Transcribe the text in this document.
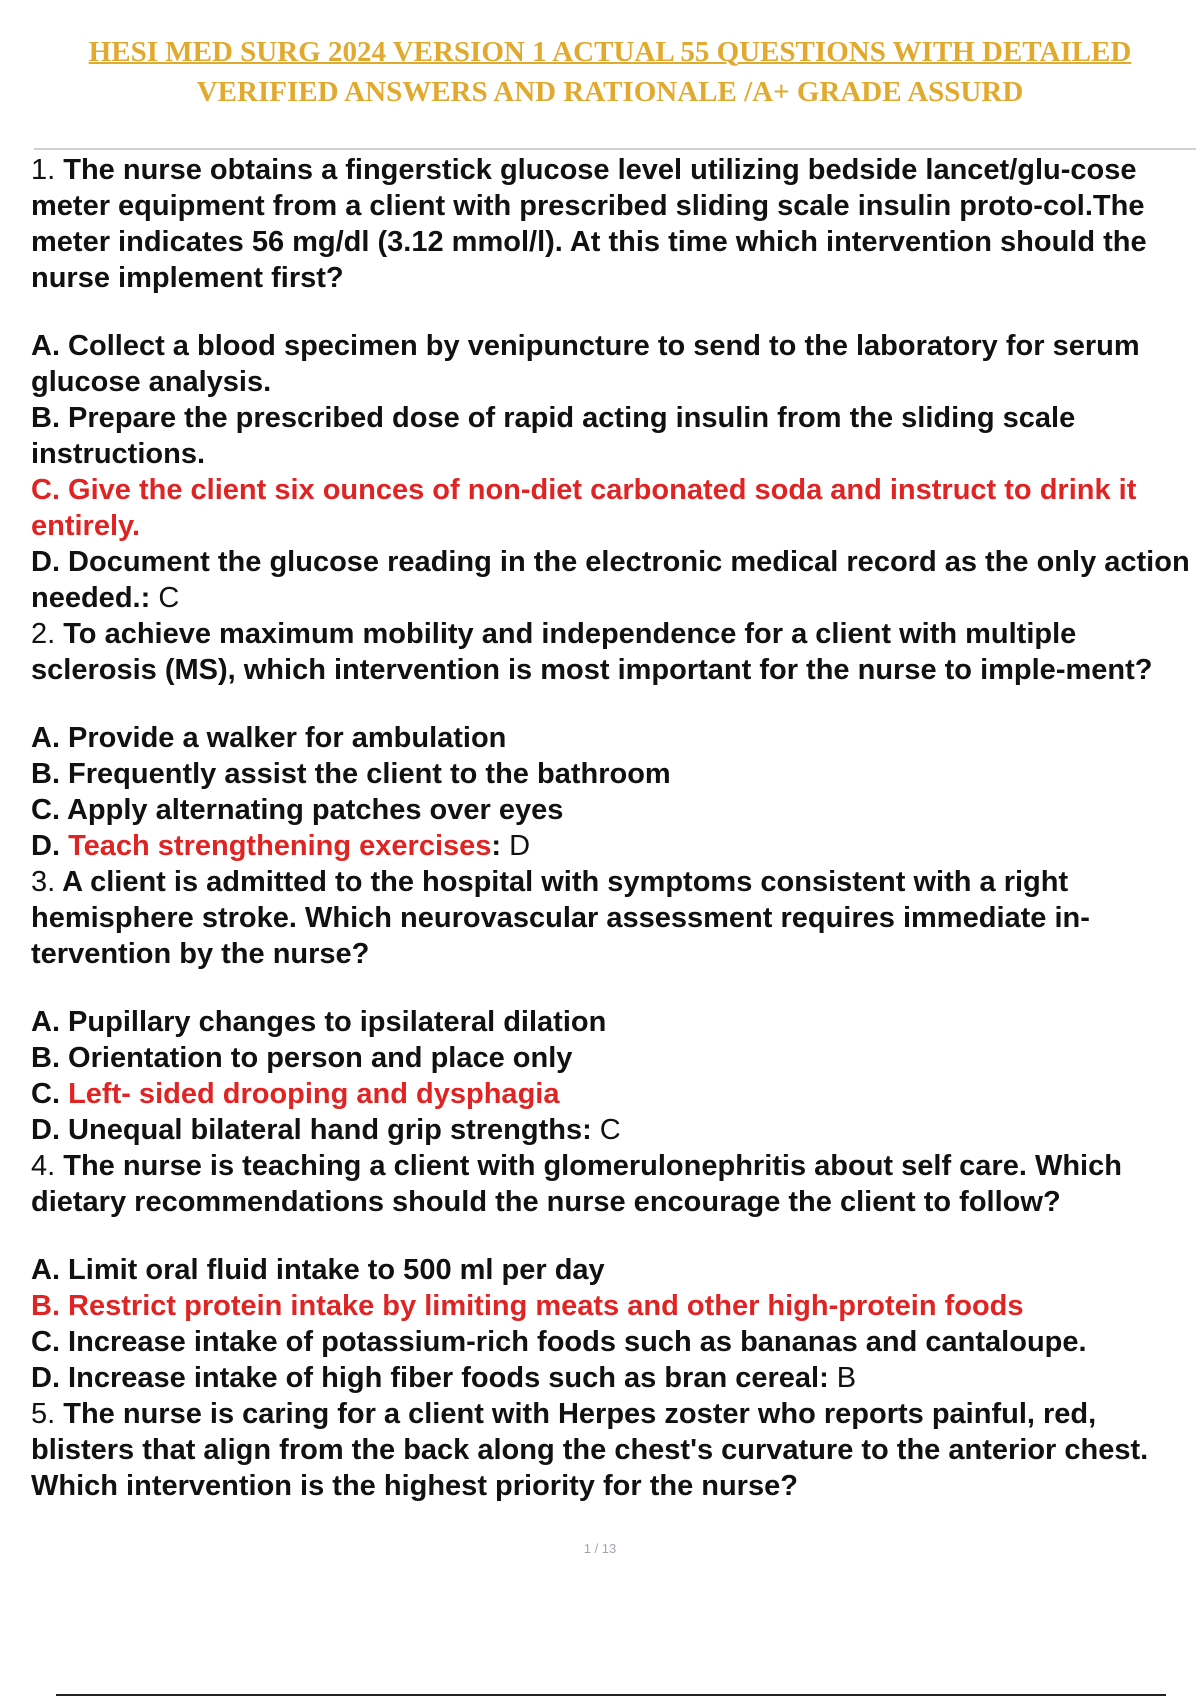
HESI MED SURG 2024 VERSION 1 ACTUAL 55 QUESTIONS WITH DETAILED
VERIFIED ANSWERS AND RATIONALE /A+ GRADE ASSURD

1. The nurse obtains a fingerstick glucose level utilizing bedside lancet/glu-cose meter equipment from a client with prescribed sliding scale insulin proto-col.The meter indicates 56 mg/dl (3.12 mmol/l). At this time which intervention should the nurse implement first?

A. Collect a blood specimen by venipuncture to send to the laboratory for serum glucose analysis.

B. Prepare the prescribed dose of rapid acting insulin from the sliding scale instructions.

C. Give the client six ounces of non-diet carbonated soda and instruct to drink it entirely.

D. Document the glucose reading in the electronic medical record as the only action needed.: C

2. To achieve maximum mobility and independence for a client with multiple sclerosis (MS), which intervention is most important for the nurse to imple-ment?

A. Provide a walker for ambulation

B. Frequently assist the client to the bathroom

C. Apply alternating patches over eyes

D. Teach strengthening exercises: D

3. A client is admitted to the hospital with symptoms consistent with a right hemisphere stroke. Which neurovascular assessment requires immediate in-tervention by the nurse?

A. Pupillary changes to ipsilateral dilation

B. Orientation to person and place only

C. Left- sided drooping and dysphagia

D. Unequal bilateral hand grip strengths: C

4. The nurse is teaching a client with glomerulonephritis about self care. Which dietary recommendations should the nurse encourage the client to follow?

A. Limit oral fluid intake to 500 ml per day

B. Restrict protein intake by limiting meats and other high-protein foods

C. Increase intake of potassium-rich foods such as bananas and cantaloupe.

D. Increase intake of high fiber foods such as bran cereal: B

5. The nurse is caring for a client with Herpes zoster who reports painful, red, blisters that align from the back along the chest's curvature to the anterior chest. Which intervention is the highest priority for the nurse?

1 / 13
